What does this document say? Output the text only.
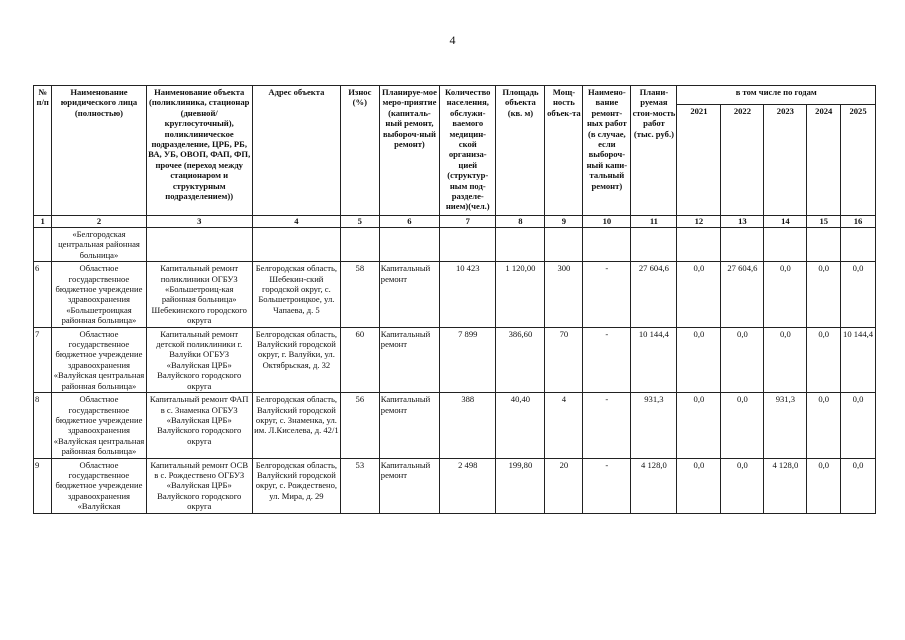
4
№ п/п	Наименование юридического лица (полностью)	Наименование объекта (поликлиника, стационар (дневной/ круглосуточный), поликлиническое подразделение, ЦРБ, РБ, ВА, УБ, ОВОП, ФАП, ФП, прочее (переход между стационаром и структурным подразделением))	Адрес объекта	Износ (%)	Планируе-мое меро-приятие (капиталь-ный ремонт, выбороч-ный ремонт)	Количество населения, обслужи-ваемого медицин-ской организа-цией (структур-ным под-разделе-нием)(чел.)	Площадь объекта (кв. м)	Мощ-ность объек-та	Наимено-вание ремонт-ных работ (в случае, если выбороч-ный капи-тальный ремонт)	Плани-руемая стои-мость работ (тыс. руб.)	в том числе по годам				
											2021	2022	2023	2024	2025
1	2	3	4	5	6	7	8	9	10	11	12	13	14	15	16
	«Белгородская центральная районная больница»														
6	Областное государственное бюджетное учреждение здравоохранения «Большетроицкая районная больница»	Капитальный ремонт поликлиники ОГБУЗ «Большетроиц-кая районная больница» Шебекинского городского округа	Белгородская область, Шебекин-ский городской округ, с. Большетроицкое, ул. Чапаева, д. 5	58	Капитальный ремонт	10 423	1 120,00	300	-	27 604,6	0,0	27 604,6	0,0	0,0	0,0
7	Областное государственное бюджетное учреждение здравоохранения «Валуйская центральная районная больница»	Капитальный ремонт детской поликлиники г. Валуйки ОГБУЗ «Валуйская ЦРБ» Валуйского городского округа	Белгородская область, Валуйский городской округ, г. Валуйки, ул. Октябрьская, д. 32	60	Капитальный ремонт	7 899	386,60	70	-	10 144,4	0,0	0,0	0,0	0,0	10 144,4
8	Областное государственное бюджетное учреждение здравоохранения «Валуйская центральная районная больница»	Капитальный ремонт ФАП в с. Знаменка ОГБУЗ «Валуйская ЦРБ» Валуйского городского округа	Белгородская область, Валуйский городской округ, с. Знаменка, ул. им. Л.Киселева, д. 42/1	56	Капитальный ремонт	388	40,40	4	-	931,3	0,0	0,0	931,3	0,0	0,0
9	Областное государственное бюджетное учреждение здравоохранения «Валуйская	Капитальный ремонт ОСВ в с. Рождествено ОГБУЗ «Валуйская ЦРБ» Валуйского городского округа	Белгородская область, Валуйский городской округ, с. Рождествено, ул. Мира, д. 29	53	Капитальный ремонт	2 498	199,80	20	-	4 128,0	0,0	0,0	4 128,0	0,0	0,0
